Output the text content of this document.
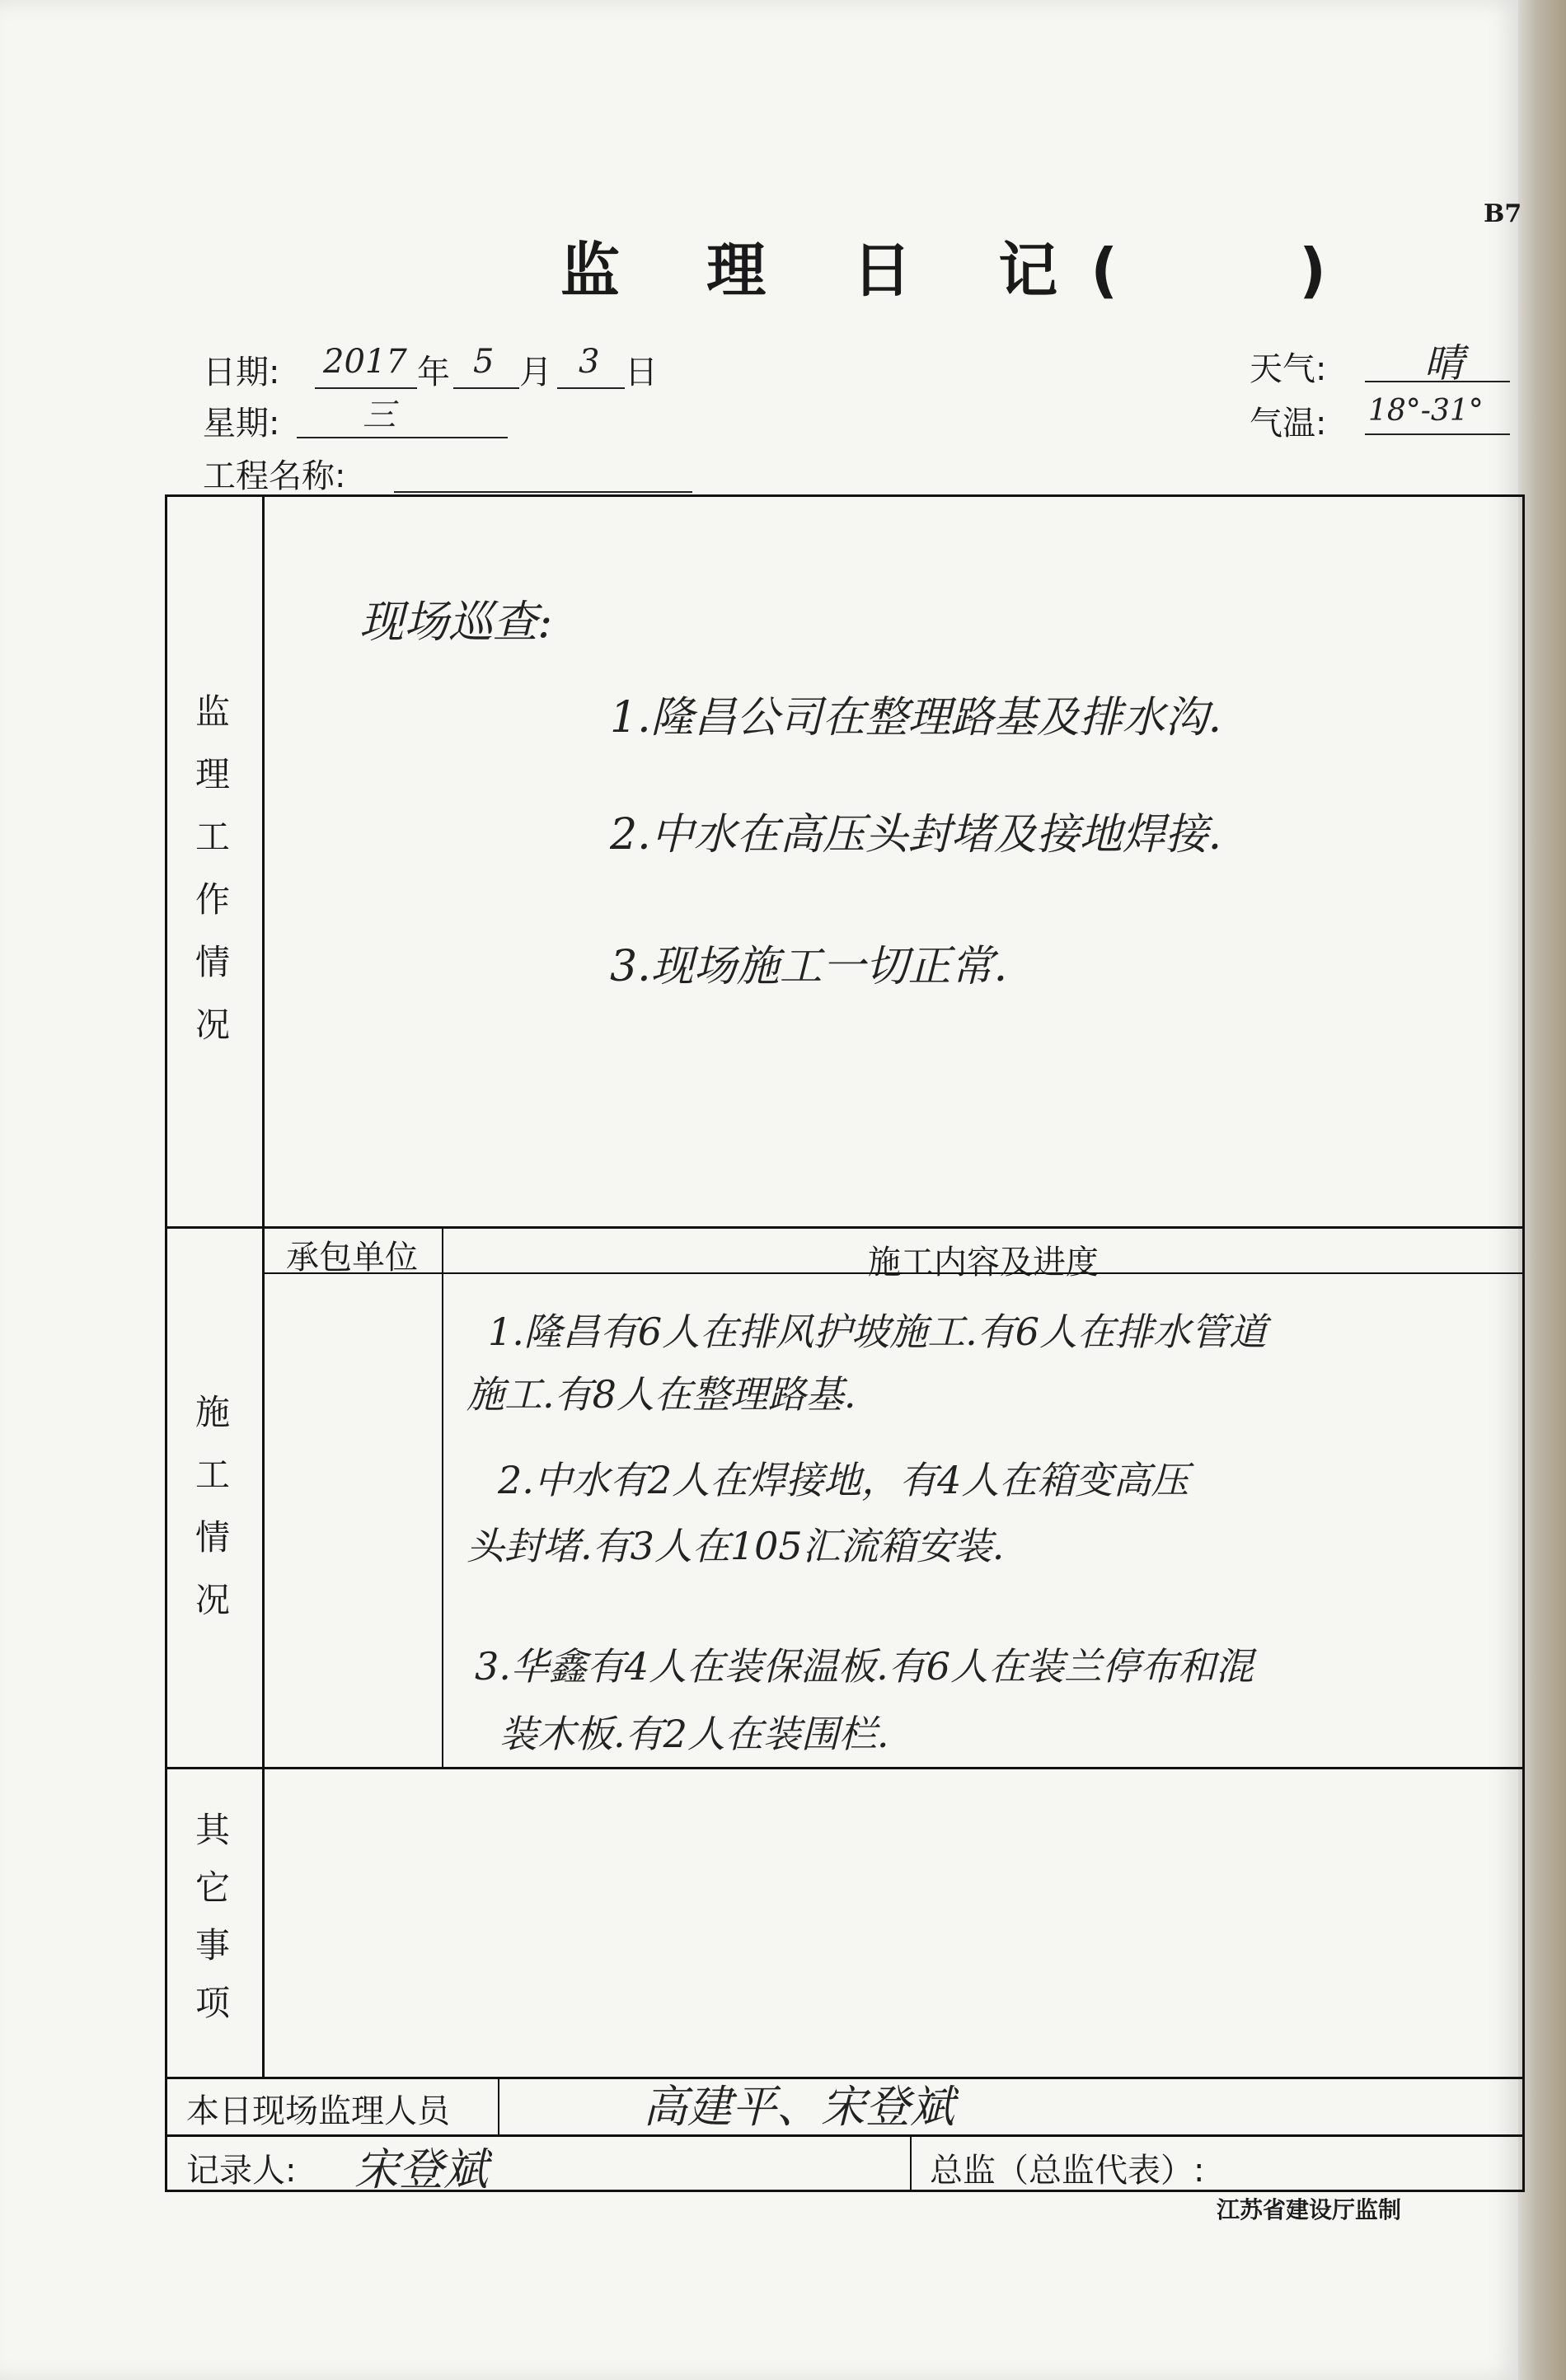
B7
监 理 日 记(	)
日期: 2017 年 5 月 3 日
星期:	三
工程名称:
天气: 晴
气温: 18°-31°
监
理
工
作
情
况
现场巡查:
1.隆昌公司在整理路基及排水沟.
2.中水在高压头封堵及接地焊接.
3.现场施工一切正常.
承包单位	施工内容及进度
施
工
情
况
1.隆昌有6人在排风护坡施工.有6人在排水管道
施工.有8人在整理路基.
2.中水有2人在焊接地，有4人在箱变高压
头封堵.有3人在105汇流箱安装.
3.华鑫有4人在装保温板.有6人在装兰停布和混
装木板.有2人在装围栏.
其
它
事
项
本日现场监理人员	高建平、宋登斌
记录人: 宋登斌	总监（总监代表）:
江苏省建设厅监制
